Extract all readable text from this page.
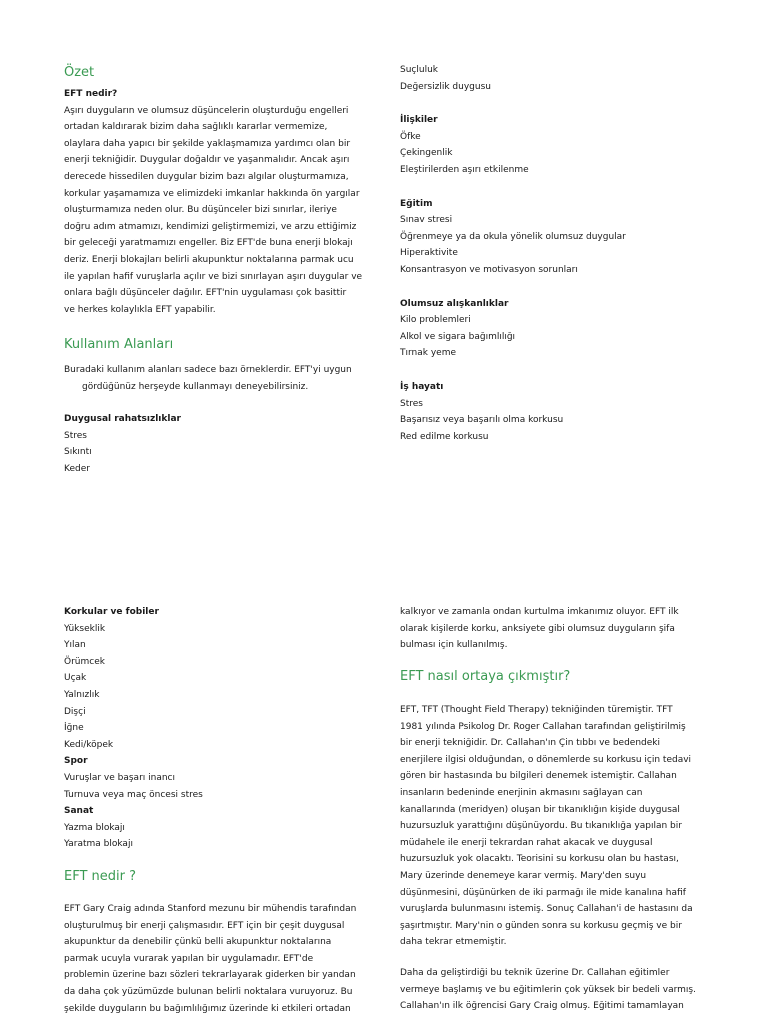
Özet

EFT nedir?

Aşırı duyguların ve olumsuz düşüncelerin oluşturduğu engelleri

ortadan kaldırarak bizim daha sağlıklı kararlar vermemize,

olaylara daha yapıcı bir şekilde yaklaşmamıza yardımcı olan bir

enerji tekniğidir. Duygular doğaldır ve yaşanmalıdır. Ancak aşırı

derecede hissedilen duygular bizim bazı algılar oluşturmamıza,

korkular yaşamamıza ve elimizdeki imkanlar hakkında ön yargılar

oluşturmamıza neden olur. Bu düşünceler bizi sınırlar, ileriye

doğru adım atmamızı, kendimizi geliştirmemizi, ve arzu ettiğimiz

bir geleceği yaratmamızı engeller. Biz EFT'de buna enerji blokajı

deriz. Enerji blokajları belirli akupunktur noktalarına parmak ucu

ile yapılan hafif vuruşlarla açılır ve bizi sınırlayan aşırı duygular ve

onlara bağlı düşünceler dağılır. EFT'nin uygulaması çok basittir

ve herkes kolaylıkla EFT yapabilir.

Kullanım Alanları

Buradaki kullanım alanları sadece bazı örneklerdir. EFT'yi uygun

gördüğünüz herşeyde kullanmayı deneyebilirsiniz.

Duygusal rahatsızlıklar

Stres

Sıkıntı

Keder

Suçluluk

Değersizlik duygusu

İlişkiler

Öfke

Çekingenlik

Eleştirilerden aşırı etkilenme

Eğitim

Sınav stresi

Öğrenmeye ya da okula yönelik olumsuz duygular

Hiperaktivite

Konsantrasyon ve motivasyon sorunları

Olumsuz alışkanlıklar

Kilo problemleri

Alkol ve sigara bağımlılığı

Tırnak yeme

İş hayatı

Stres

Başarısız veya başarılı olma korkusu

Red edilme korkusu

Korkular ve fobiler

Yükseklik

Yılan

Örümcek

Uçak

Yalnızlık

Dişçi

İğne

Kedi/köpek

Spor

Vuruşlar ve başarı inancı

Turnuva veya maç öncesi stres

Sanat

Yazma blokajı

Yaratma blokajı

EFT nedir ?

EFT Gary Craig adında Stanford mezunu bir mühendis tarafından

oluşturulmuş bir enerji çalışmasıdır. EFT için bir çeşit duygusal

akupunktur da denebilir çünkü belli akupunktur noktalarına

parmak ucuyla vurarak yapılan bir uygulamadır. EFT'de

problemin üzerine bazı sözleri tekrarlayarak giderken bir yandan

da daha çok yüzümüzde bulunan belirli noktalara vuruyoruz. Bu

şekilde duyguların bu bağımlılığımız üzerinde ki etkileri ortadan

kalkıyor ve zamanla ondan kurtulma imkanımız oluyor. EFT ilk

olarak kişilerde korku, anksiyete gibi olumsuz duyguların şifa

bulması için kullanılmış.

EFT nasıl ortaya çıkmıştır?

EFT, TFT (Thought Field Therapy) tekniğinden türemiştir. TFT

1981 yılında Psikolog Dr. Roger Callahan tarafından geliştirilmiş

bir enerji tekniğidir. Dr. Callahan'ın Çin tıbbı ve bedendeki

enerjilere ilgisi olduğundan, o dönemlerde su korkusu için tedavi

gören bir hastasında bu bilgileri denemek istemiştir. Callahan

insanların bedeninde enerjinin akmasını sağlayan can

kanallarında (meridyen) oluşan bir tıkanıklığın kişide duygusal

huzursuzluk yarattığını düşünüyordu. Bu tıkanıklığa yapılan bir

müdahele ile enerji tekrardan rahat akacak ve duygusal

huzursuzluk yok olacaktı. Teorisini su korkusu olan bu hastası,

Mary üzerinde denemeye karar vermiş. Mary'den suyu

düşünmesini, düşünürken de iki parmağı ile mide kanalına hafif

vuruşlarda bulunmasını istemiş. Sonuç Callahan'i de hastasını da

şaşırtmıştır. Mary'nin o günden sonra su korkusu geçmiş ve bir

daha tekrar etmemiştir.

Daha da geliştirdiği bu teknik üzerine Dr. Callahan eğitimler

vermeye başlamış ve bu eğitimlerin çok yüksek bir bedeli varmış.

Callahan'ın ilk öğrencisi Gary Craig olmuş. Eğitimi tamamlayan
